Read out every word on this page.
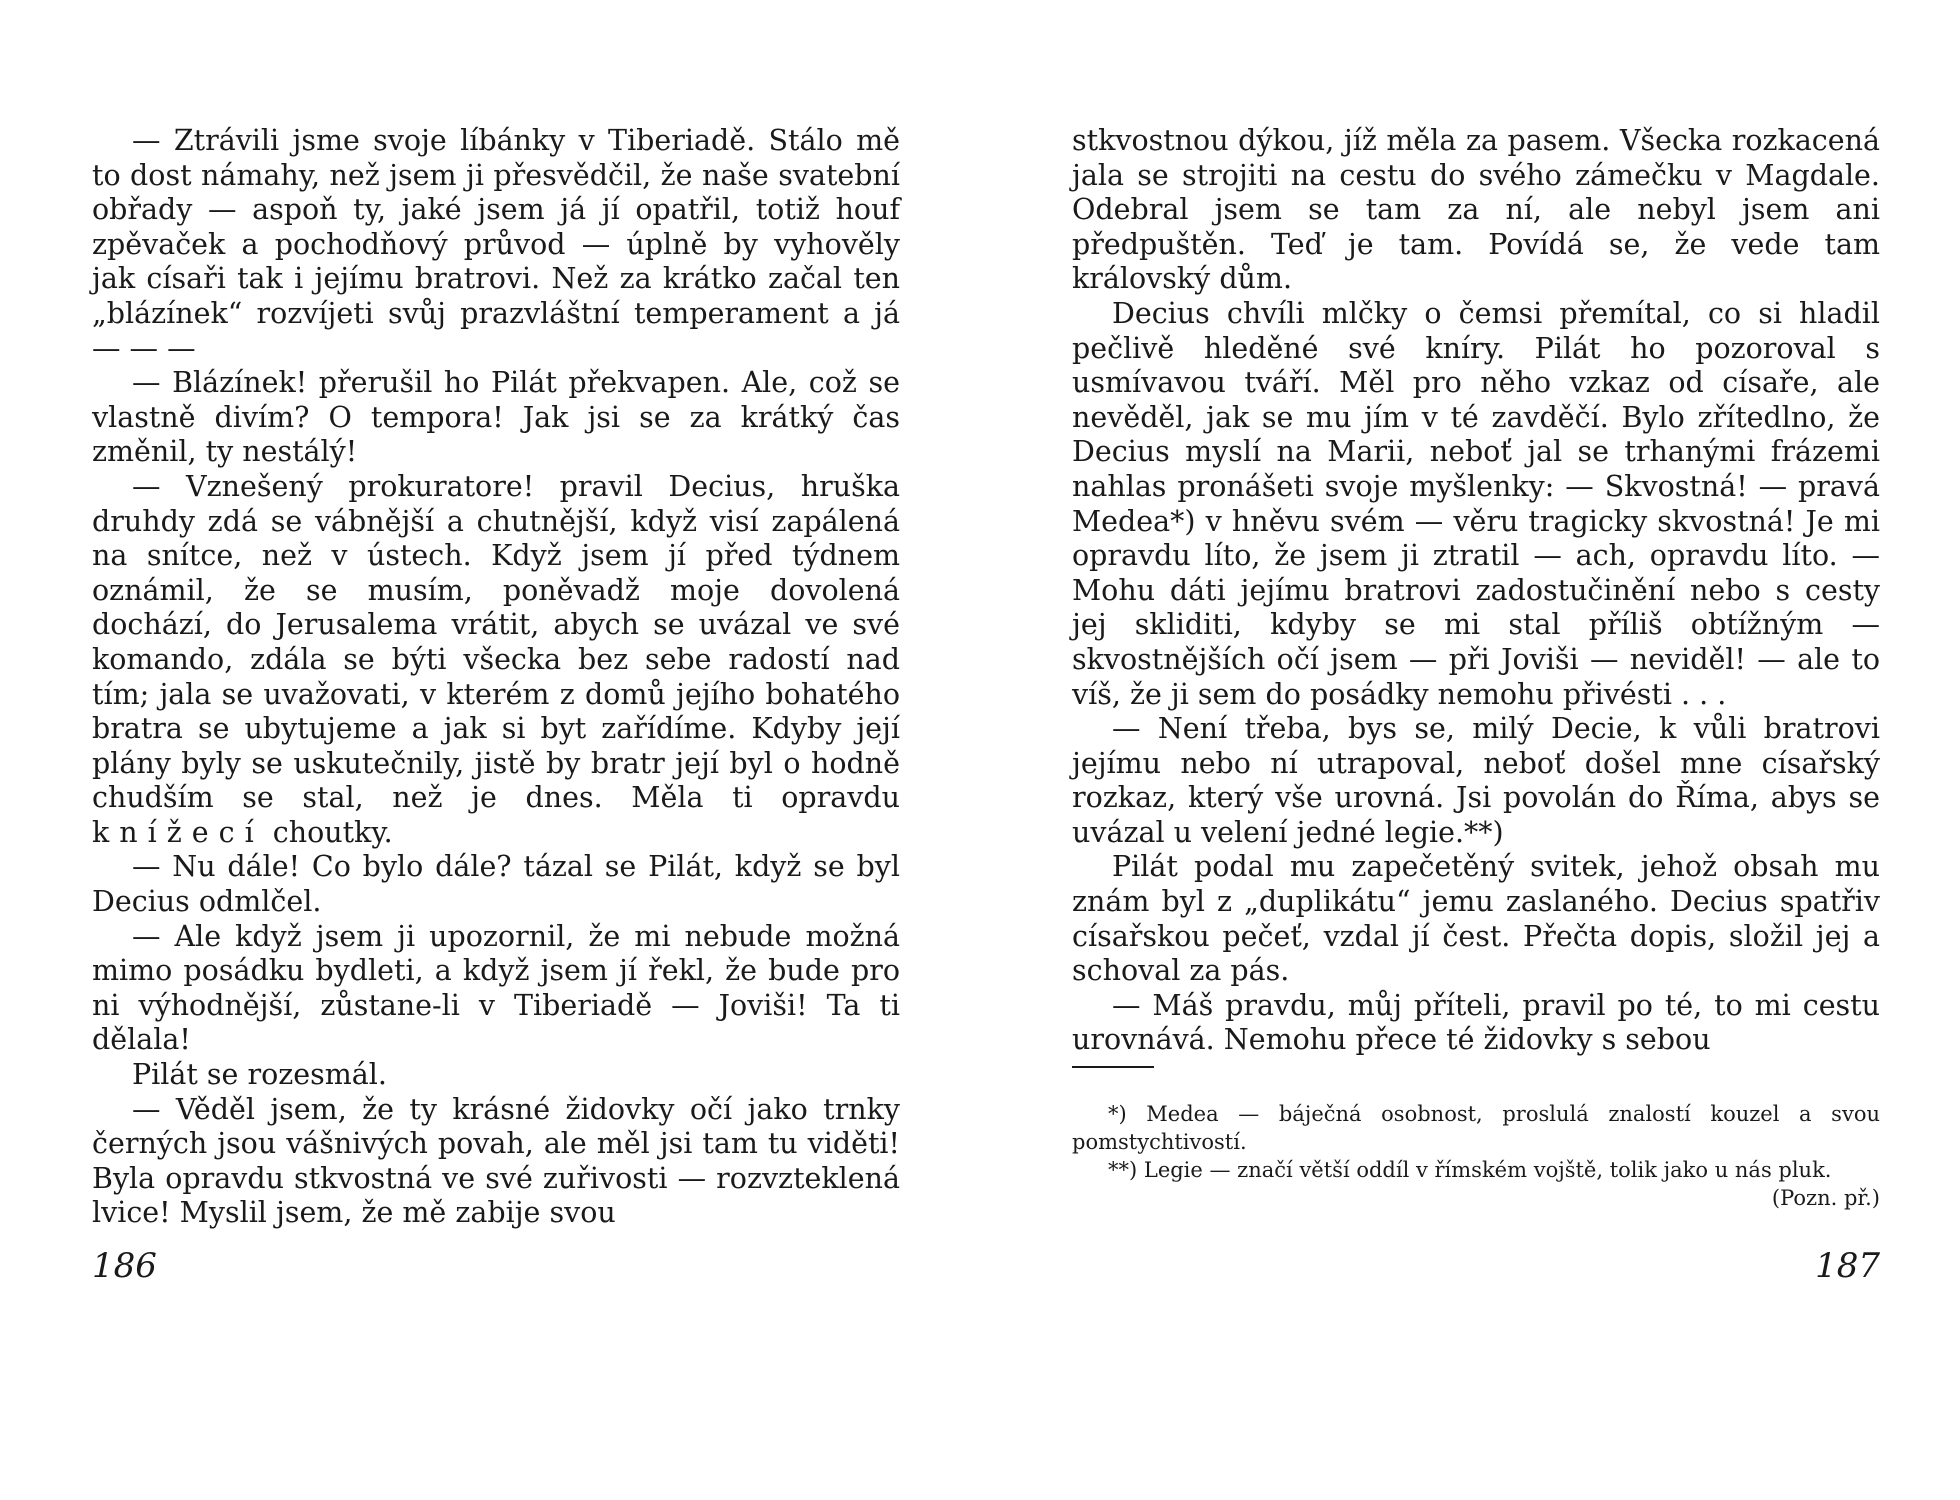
— Ztrávili jsme svoje líbánky v Tiberiadě. Stálo mě to dost námahy, než jsem ji přesvědčil, že naše svatební obřady — aspoň ty, jaké jsem já jí opatřil, totiž houf zpěvaček a pochodňový průvod — úplně by vyhověly jak císaři tak i jejímu bratrovi. Než za krátko začal ten „blázínek“ rozvíjeti svůj prazvláštní temperament a já — — —

— Blázínek! přerušil ho Pilát překvapen. Ale, což se vlastně divím? O tempora! Jak jsi se za krátký čas změnil, ty nestálý!

— Vznešený prokuratore! pravil Decius, hruška druhdy zdá se vábnější a chutnější, když visí zapálená na snítce, než v ústech. Když jsem jí před týdnem oznámil, že se musím, poněvadž moje dovolená dochází, do Jerusalema vrátit, abych se uvázal ve své komando, zdála se býti všecka bez sebe radostí nad tím; jala se uvažovati, v kterém z domů jejího bohatého bratra se ubytujeme a jak si byt zařídíme. Kdyby její plány byly se uskutečnily, jistě by bratr její byl o hodně chudším se stal, než je dnes. Měla ti opravdu knížecí choutky.

— Nu dále! Co bylo dále? tázal se Pilát, když se byl Decius odmlčel.

— Ale když jsem ji upozornil, že mi nebude možná mimo posádku bydleti, a když jsem jí řekl, že bude pro ni výhodnější, zůstane-li v Tiberiadě — Joviši! Ta ti dělala!

Pilát se rozesmál.

— Věděl jsem, že ty krásné židovky očí jako trnky černých jsou vášnivých povah, ale měl jsi tam tu viděti! Byla opravdu stkvostná ve své zuřivosti — rozvzteklená lvice! Myslil jsem, že mě zabije svou

186

stkvostnou dýkou, jíž měla za pasem. Všecka rozkacená jala se strojiti na cestu do svého zámečku v Magdale. Odebral jsem se tam za ní, ale nebyl jsem ani předpuštěn. Teď je tam. Povídá se, že vede tam královský dům.

Decius chvíli mlčky o čemsi přemítal, co si hladil pečlivě hleděné své kníry. Pilát ho pozoroval s usmívavou tváří. Měl pro něho vzkaz od císaře, ale nevěděl, jak se mu jím v té zavděčí. Bylo zřítedlno, že Decius myslí na Marii, neboť jal se trhanými frázemi nahlas pronášeti svoje myšlenky: — Skvostná! — pravá Medea*) v hněvu svém — věru tragicky skvostná! Je mi opravdu líto, že jsem ji ztratil — ach, opravdu líto. — Mohu dáti jejímu bratrovi zadostučinění nebo s cesty jej skliditi, kdyby se mi stal příliš obtížným — skvostnějších očí jsem — při Joviši — neviděl! — ale to víš, že ji sem do posádky nemohu přivésti . . .

— Není třeba, bys se, milý Decie, k vůli bratrovi jejímu nebo ní utrapoval, neboť došel mne císařský rozkaz, který vše urovná. Jsi povolán do Říma, abys se uvázal u velení jedné legie.**)

Pilát podal mu zapečetěný svitek, jehož obsah mu znám byl z „duplikátu“ jemu zaslaného. Decius spatřiv císařskou pečeť, vzdal jí čest. Přečta dopis, složil jej a schoval za pás.

— Máš pravdu, můj příteli, pravil po té, to mi cestu urovnává. Nemohu přece té židovky s sebou

*) Medea — báječná osobnost, proslulá znalostí kouzel a svou pomstychtivostí.

**) Legie — značí větší oddíl v římském vojště, tolik jako u nás pluk.
(Pozn. př.)

187
